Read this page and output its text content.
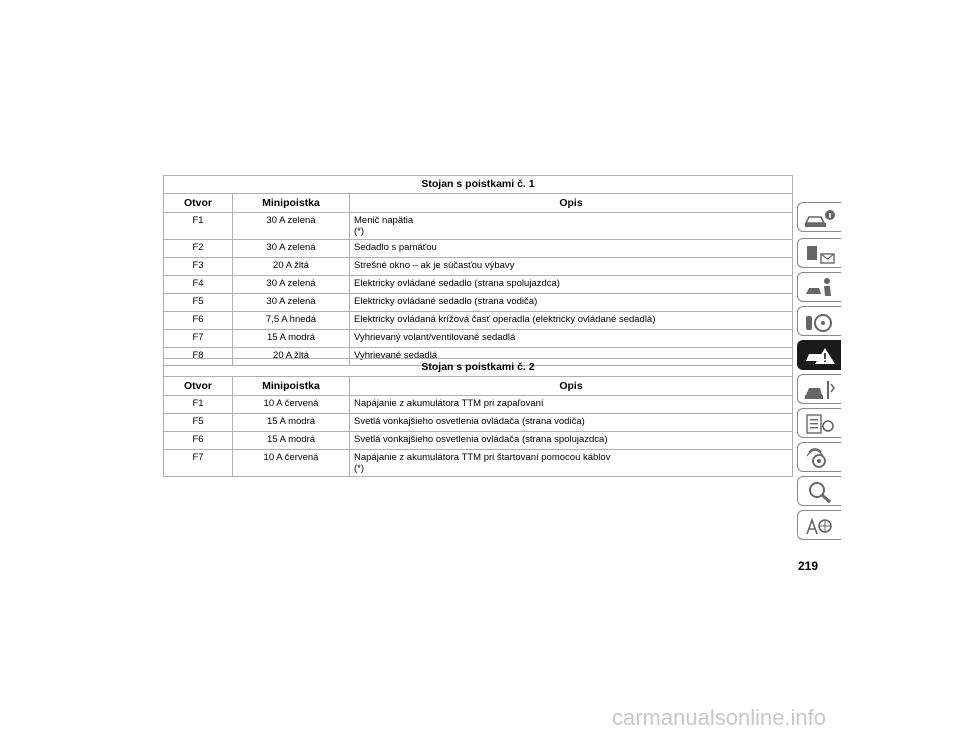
Stojan s poistkami č. 1		
Otvor	Minipoistka	Opis
F1	30 A zelená	Menič napätia
(*)
F2	30 A zelená	Sedadlo s pamäťou
F3	20 A žltá	Strešné okno – ak je súčasťou výbavy
F4	30 A zelená	Elektricky ovládané sedadlo (strana spolujazdca)
F5	30 A zelená	Elektricky ovládané sedadlo (strana vodiča)
F6	7,5 A hnedá	Elektricky ovládaná krížová časť operadla (elektricky ovládané sedadlá)
F7	15 A modrá	Vyhrievaný volant/ventilované sedadlá
F8	20 A žltá	Vyhrievané sedadlá
Stojan s poistkami č. 2		
Otvor	Minipoistka	Opis
F1	10 A červená	Napájanie z akumulátora TTM pri zapaľovaní
F5	15 A modrá	Svetlá vonkajšieho osvetlenia ovládača (strana vodiča)
F6	15 A modrá	Svetlá vonkajšieho osvetlenia ovládača (strana spolujazdca)
F7	10 A červená	Napájanie z akumulátora TTM pri štartovaní pomocou káblov
(*)
219
carmanualsonline.info
